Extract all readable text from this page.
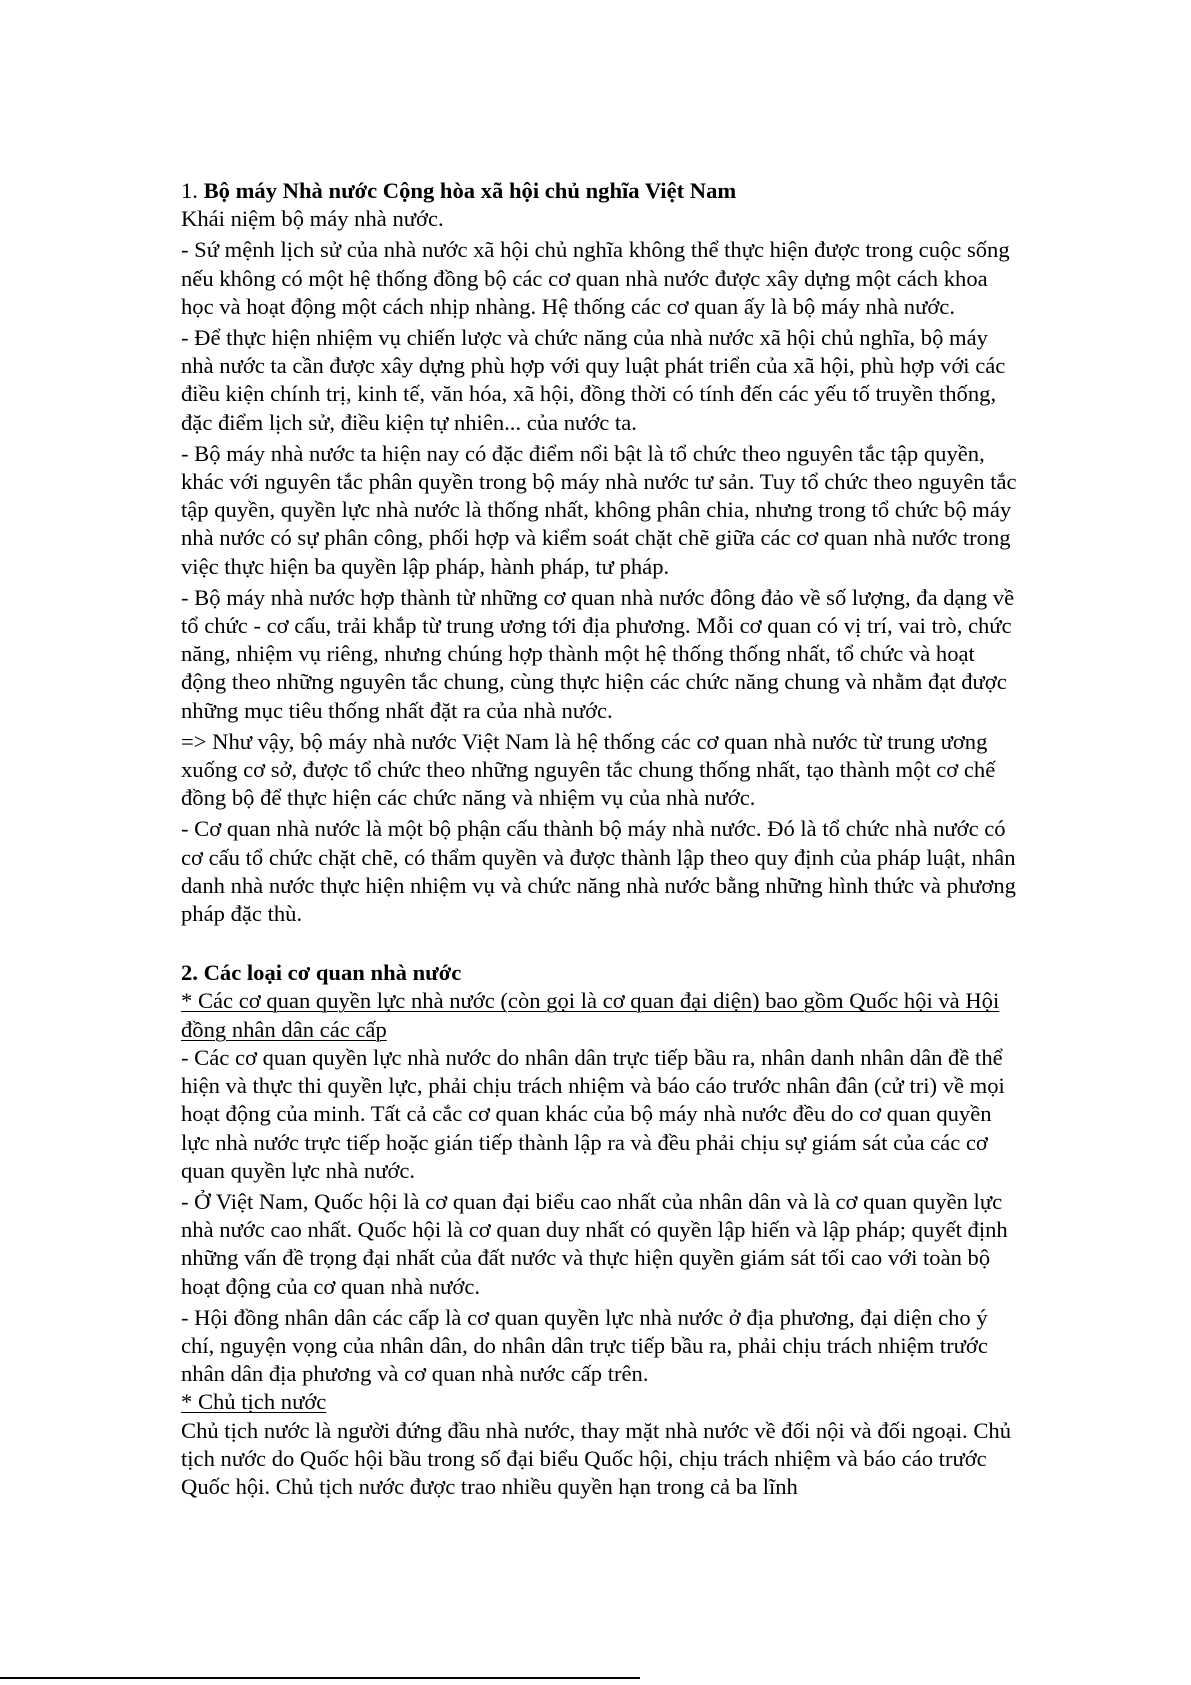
1. Bộ máy Nhà nước Cộng hòa xã hội chủ nghĩa Việt Nam

Khái niệm bộ máy nhà nước.

- Sứ mệnh lịch sử của nhà nước xã hội chủ nghĩa không thể thực hiện được trong cuộc sống nếu không có một hệ thống đồng bộ các cơ quan nhà nước được xây dựng một cách khoa học và hoạt động một cách nhịp nhàng. Hệ thống các cơ quan ấy là bộ máy nhà nước.

- Để thực hiện nhiệm vụ chiến lược và chức năng của nhà nước xã hội chủ nghĩa, bộ máy nhà nước ta cần được xây dựng phù hợp với quy luật phát triển của xã hội, phù hợp với các điều kiện chính trị, kinh tế, văn hóa, xã hội, đồng thời có tính đến các yếu tố truyền thống, đặc điểm lịch sử, điều kiện tự nhiên... của nước ta.

- Bộ máy nhà nước ta hiện nay có đặc điểm nổi bật là tổ chức theo nguyên tắc tập quyền, khác với nguyên tắc phân quyền trong bộ máy nhà nước tư sản. Tuy tổ chức theo nguyên tắc tập quyền, quyền lực nhà nước là thống nhất, không phân chia, nhưng trong tổ chức bộ máy nhà nước có sự phân công, phối hợp và kiểm soát chặt chẽ giữa các cơ quan nhà nước trong việc thực hiện ba quyền lập pháp, hành pháp, tư pháp.

- Bộ máy nhà nước hợp thành từ những cơ quan nhà nước đông đảo về số lượng, đa dạng về tổ chức - cơ cấu, trải khắp từ trung ương tới địa phương. Mỗi cơ quan có vị trí, vai trò, chức năng, nhiệm vụ riêng, nhưng chúng hợp thành một hệ thống thống nhất, tổ chức và hoạt động theo những nguyên tắc chung, cùng thực hiện các chức năng chung và nhằm đạt được những mục tiêu thống nhất đặt ra của nhà nước.

=> Như vậy, bộ máy nhà nước Việt Nam là hệ thống các cơ quan nhà nước từ trung ương xuống cơ sở, được tổ chức theo những nguyên tắc chung thống nhất, tạo thành một cơ chế đồng bộ để thực hiện các chức năng và nhiệm vụ của nhà nước.

- Cơ quan nhà nước là một bộ phận cấu thành bộ máy nhà nước. Đó là tổ chức nhà nước có cơ cấu tổ chức chặt chẽ, có thẩm quyền và được thành lập theo quy định của pháp luật, nhân danh nhà nước thực hiện nhiệm vụ và chức năng nhà nước bằng những hình thức và phương pháp đặc thù.

2. Các loại cơ quan nhà nước

* Các cơ quan quyền lực nhà nước (còn gọi là cơ quan đại diện) bao gồm Quốc hội và Hội đồng nhân dân các cấp

- Các cơ quan quyền lực nhà nước do nhân dân trực tiếp bầu ra, nhân danh nhân dân đề thể hiện và thực thi quyền lực, phải chịu trách nhiệm và báo cáo trước nhân đân (cử tri) về mọi hoạt động của minh. Tất cả cắc cơ quan khác của bộ máy nhà nước đều do cơ quan quyền lực nhà nước trực tiếp hoặc gián tiếp thành lập ra và đều phải chịu sự giám sát của các cơ quan quyền lực nhà nước.

- Ở Việt Nam, Quốc hội là cơ quan đại biểu cao nhất của nhân dân và là cơ quan quyền lực nhà nước cao nhất. Quốc hội là cơ quan duy nhất có quyền lập hiến và lập pháp; quyết định những vấn đề trọng đại nhất của đất nước và thực hiện quyền giám sát tối cao với toàn bộ hoạt động của cơ quan nhà nước.

- Hội đồng nhân dân các cấp là cơ quan quyền lực nhà nước ở địa phương, đại diện cho ý chí, nguyện vọng của nhân dân, do nhân dân trực tiếp bầu ra, phải chịu trách nhiệm trước nhân dân địa phương và cơ quan nhà nước cấp trên.

* Chủ tịch nước

Chủ tịch nước là người đứng đầu nhà nước, thay mặt nhà nước về đối nội và đối ngoại. Chủ tịch nước do Quốc hội bầu trong số đại biểu Quốc hội, chịu trách nhiệm và báo cáo trước Quốc hội. Chủ tịch nước được trao nhiều quyền hạn trong cả ba lĩnh
